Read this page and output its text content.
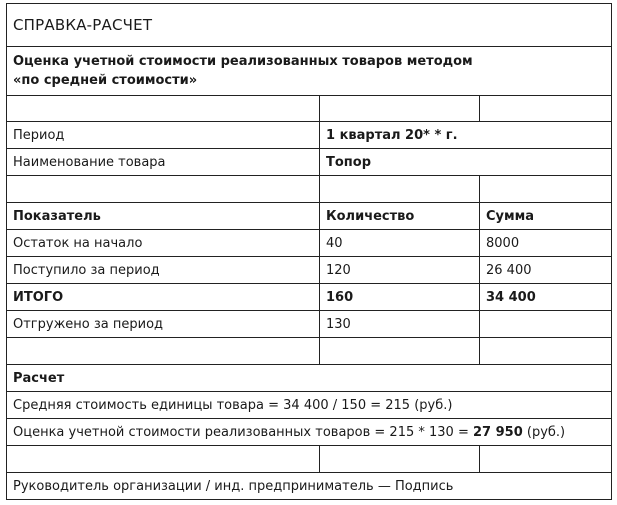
СПРАВКА-РАСЧЕТ		
Оценка учетной стоимости реализованных товаров методом
«по средней стоимости»		

Период	1 квартал 20* * г.	
Наименование товара	Топор	

Показатель	Количество	Сумма
Остаток на начало	40	8000
Поступило за период	120	26 400
ИТОГО	160	34 400
Отгружено за период	130	

Расчет		
Средняя стоимость единицы товара = 34 400 / 150 = 215 (руб.)		
Оценка учетной стоимости реализованных товаров = 215 * 130 = 27 950 (руб.)		

Руководитель организации / инд. предприниматель — Подпись		
